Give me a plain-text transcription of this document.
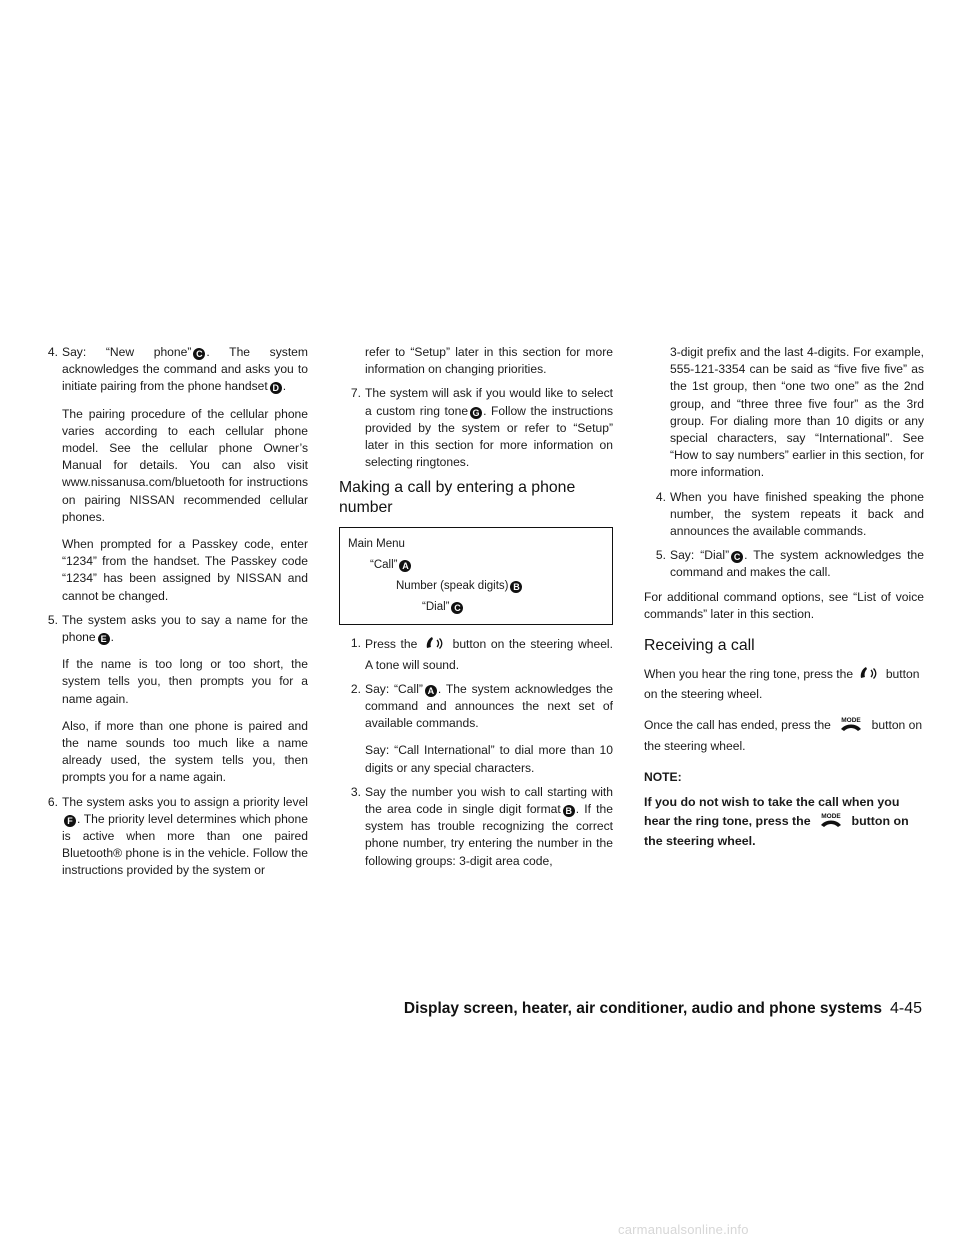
4. Say: “New phone” C . The system acknowledges the command and asks you to initiate pairing from the phone handset D .

The pairing procedure of the cellular phone varies according to each cellular phone model. See the cellular phone Owner’s Manual for details. You can also visit www.nissanusa.com/bluetooth for instructions on pairing NISSAN recommended cellular phones.

When prompted for a Passkey code, enter “1234” from the handset. The Passkey code “1234” has been assigned by NISSAN and cannot be changed.

5. The system asks you to say a name for the phone E .

If the name is too long or too short, the system tells you, then prompts you for a name again.

Also, if more than one phone is paired and the name sounds too much like a name already used, the system tells you, then prompts you for a name again.

6. The system asks you to assign a priority levelF . The priority level determines which phone is active when more than one paired Bluetooth® phone is in the vehicle. Follow the instructions provided by the system or

refer to “Setup” later in this section for more information on changing priorities.

7. The system will ask if you would like to select a custom ring tone G . Follow the instructions provided by the system or refer to “Setup” later in this section for more information on selecting ringtones.

Making a call by entering a phone number
Main Menu
“Call” A
Number (speak digits) B
“Dial” C
1. Press the	button on the steering wheel. A tone will sound.

2. Say: “Call” A . The system acknowledges the command and announces the next set of available commands.

Say: “Call International” to dial more than 10 digits or any special characters.

3. Say the number you wish to call starting with the area code in single digit format B . If the system has trouble recognizing the correct phone number, try entering the number in the following groups: 3-digit area code,

3-digit prefix and the last 4-digits. For example, 555-121-3354 can be said as “five five five” as the 1st group, then “one two one” as the 2nd group, and “three three five four” as the 3rd group. For dialing more than 10 digits or any special characters, say “International”. See “How to say numbers” earlier in this section, for more information.

4. When you have finished speaking the phone number, the system repeats it back and announces the available commands.

5. Say: “Dial” C . The system acknowledges the command and makes the call.

For additional command options, see “List of voice commands” later in this section.

Receiving a call

When you hear the ring tone, press the	button on the steering wheel.

Once the call has ended, press the MODE button on the steering wheel.

NOTE:

If you do not wish to take the call when you hear the ring tone, press the MODE button on the steering wheel.

Display screen, heater, air conditioner, audio and phone systems 4-45
carmanualsonline.info
